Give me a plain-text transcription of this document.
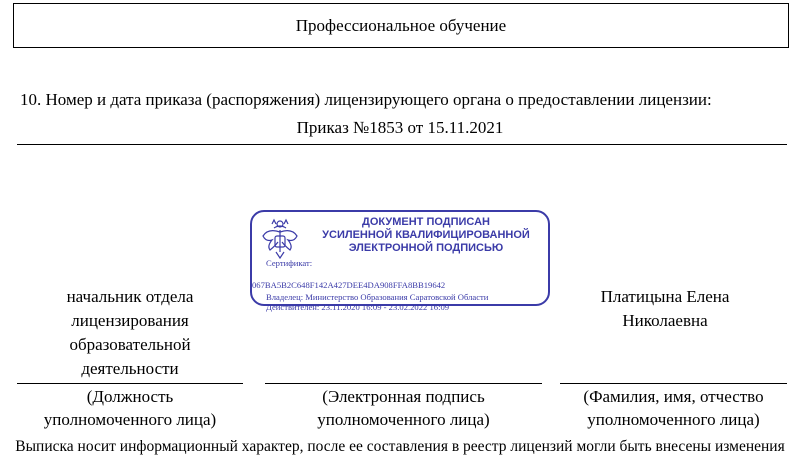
Профессиональное обучение
10. Номер и дата приказа (распоряжения) лицензирующего органа о предоставлении лицензии:
Приказ №1853 от 15.11.2021
начальник отдела
лицензирования
образовательной
деятельности
Платицына Елена
Николаевна
ДОКУМЕНТ ПОДПИСАН
УСИЛЕННОЙ КВАЛИФИЦИРОВАННОЙ
ЭЛЕКТРОННОЙ ПОДПИСЬЮ
Сертификат:
067BA5B2C648F142A427DEE4DA908FFA8BB19642
Владелец: Министерство Образования Саратовской Области
Действителен: 23.11.2020 16:09 - 23.02.2022 16:09
(Должность
уполномоченного лица)
(Электронная подпись
уполномоченного лица)
(Фамилия, имя, отчество
уполномоченного лица)
Выписка носит информационный характер, после ее составления в реестр лицензий могли быть внесены изменения
